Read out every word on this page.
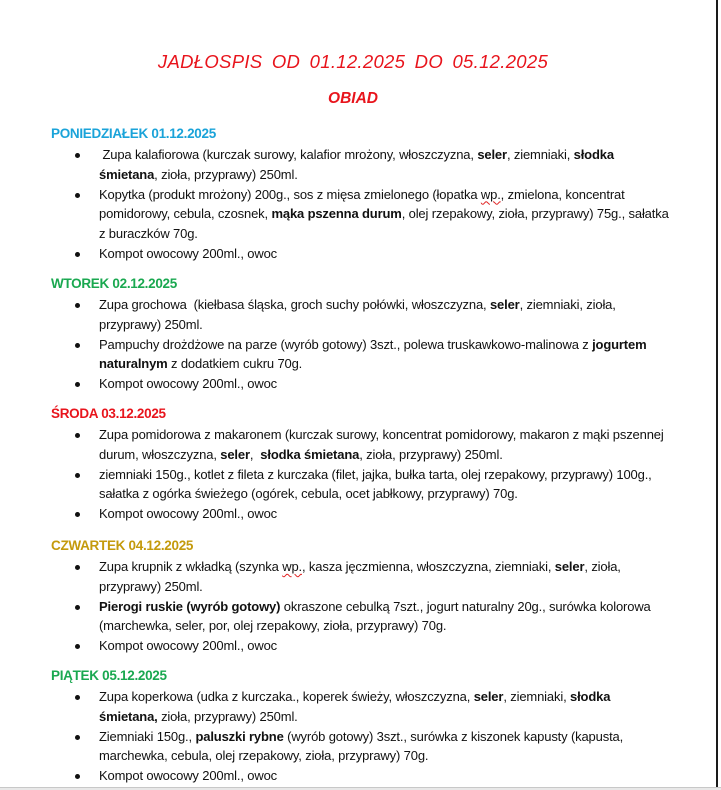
JADŁOSPIS OD 01.12.2025 DO 05.12.2025
OBIAD
PONIEDZIAŁEK 01.12.2025
Zupa kalafiorowa (kurczak surowy, kalafior mrożony, włoszczyzna, seler, ziemniaki, słodka śmietana, zioła, przyprawy) 250ml.
Kopytka (produkt mrożony) 200g., sos z mięsa zmielonego (łopatka wp., zmielona, koncentrat pomidorowy, cebula, czosnek, mąka pszenna durum, olej rzepakowy, zioła, przyprawy) 75g., sałatka z buraczków 70g.
Kompot owocowy 200ml., owoc
WTOREK 02.12.2025
Zupa grochowa  (kiełbasa śląska, groch suchy połówki, włoszczyzna, seler, ziemniaki, zioła, przyprawy) 250ml.
Pampuchy drożdżowe na parze (wyrób gotowy) 3szt., polewa truskawkowo-malinowa z jogurtem naturalnym z dodatkiem cukru 70g.
Kompot owocowy 200ml., owoc
ŚRODA 03.12.2025
Zupa pomidorowa z makaronem (kurczak surowy, koncentrat pomidorowy, makaron z mąki pszennej durum, włoszczyzna, seler,  słodka śmietana, zioła, przyprawy) 250ml.
ziemniaki 150g., kotlet z fileta z kurczaka (filet, jajka, bułka tarta, olej rzepakowy, przyprawy) 100g., sałatka z ogórka świeżego (ogórek, cebula, ocet jabłkowy, przyprawy) 70g.
Kompot owocowy 200ml., owoc
CZWARTEK 04.12.2025
Zupa krupnik z wkładką (szynka wp., kasza jęczmienna, włoszczyzna, ziemniaki, seler, zioła, przyprawy) 250ml.
Pierogi ruskie (wyrób gotowy) okraszone cebulką 7szt., jogurt naturalny 20g., surówka kolorowa (marchewka, seler, por, olej rzepakowy, zioła, przyprawy) 70g.
Kompot owocowy 200ml., owoc
PIĄTEK 05.12.2025
Zupa koperkowa (udka z kurczaka., koperek świeży, włoszczyzna, seler, ziemniaki, słodka śmietana, zioła, przyprawy) 250ml.
Ziemniaki 150g., paluszki rybne (wyrób gotowy) 3szt., surówka z kiszonek kapusty (kapusta, marchewka, cebula, olej rzepakowy, zioła, przyprawy) 70g.
Kompot owocowy 200ml., owoc
